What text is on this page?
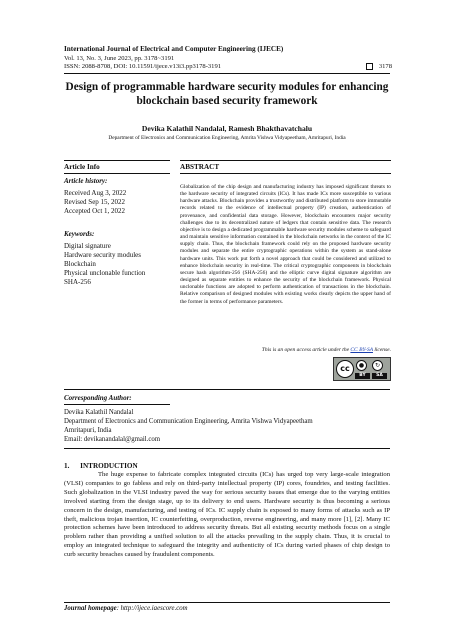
International Journal of Electrical and Computer Engineering (IJECE)
Vol. 13, No. 3, June 2023, pp. 3178~3191
ISSN: 2088-8708, DOI: 10.11591/ijece.v13i3.pp3178-3191	3178
Design of programmable hardware security modules for enhancing blockchain based security framework
Devika Kalathil Nandalal, Ramesh Bhakthavatchalu
Department of Electronics and Communication Engineering, Amrita Vishwa Vidyapeetham, Amritapuri, India
Article Info
Article history:
Received Aug 3, 2022
Revised Sep 15, 2022
Accepted Oct 1, 2022
Keywords:
Digital signature
Hardware security modules
Blockchain
Physical unclonable function
SHA-256
ABSTRACT
Globalization of the chip design and manufacturing industry has imposed significant threats to the hardware security of integrated circuits (ICs). It has made ICs more susceptible to various hardware attacks. Blockchain provides a trustworthy and distributed platform to store immutable records related to the evidence of intellectual property (IP) creation, authentication of provenance, and confidential data storage. However, blockchain encounters major security challenges due to its decentralized nature of ledgers that contain sensitive data. The research objective is to design a dedicated programmable hardware security modules scheme to safeguard and maintain sensitive information contained in the blockchain networks in the context of the IC supply chain. Thus, the blockchain framework could rely on the proposed hardware security modules and separate the entire cryptographic operations within the system as stand-alone hardware units. This work put forth a novel approach that could be considered and utilized to enhance blockchain security in real-time. The critical cryptographic components in blockchain secure hash algorithm-256 (SHA-256) and the elliptic curve digital signature algorithm are designed as separate entities to enhance the security of the blockchain framework. Physical unclonable functions are adopted to perform authentication of transactions in the blockchain. Relative comparison of designed modules with existing works clearly depicts the upper hand of the former in terms of performance parameters.
This is an open access article under the CC BY-SA license.
cc	●	↻
BY	SA
Corresponding Author:
Devika Kalathil Nandalal
Department of Electronics and Communication Engineering, Amrita Vishwa Vidyapeetham
Amritapuri, India
Email: devikanandalal@gmail.com
1.      INTRODUCTION
The huge expense to fabricate complex integrated circuits (ICs) has urged top very large-scale integration (VLSI) companies to go fabless and rely on third-party intellectual property (IP) cores, foundries, and testing facilities. Such globalization in the VLSI industry paved the way for serious security issues that emerge due to the varying entities involved starting from the design stage, up to its delivery to end users. Hardware security is thus becoming a serious concern in the design, manufacturing, and testing of ICs. IC supply chain is exposed to many forms of attacks such as IP theft, malicious trojan insertion, IC counterfeiting, overproduction, reverse engineering, and many more [1], [2]. Many IC protection schemes have been introduced to address security threats. But all existing security methods focus on a single problem rather than providing a unified solution to all the attacks prevailing in the supply chain. Thus, it is crucial to employ an integrated technique to safeguard the integrity and authenticity of ICs during varied phases of chip design to curb security breaches caused by fraudulent components.
Journal homepage: http://ijece.iaescore.com
